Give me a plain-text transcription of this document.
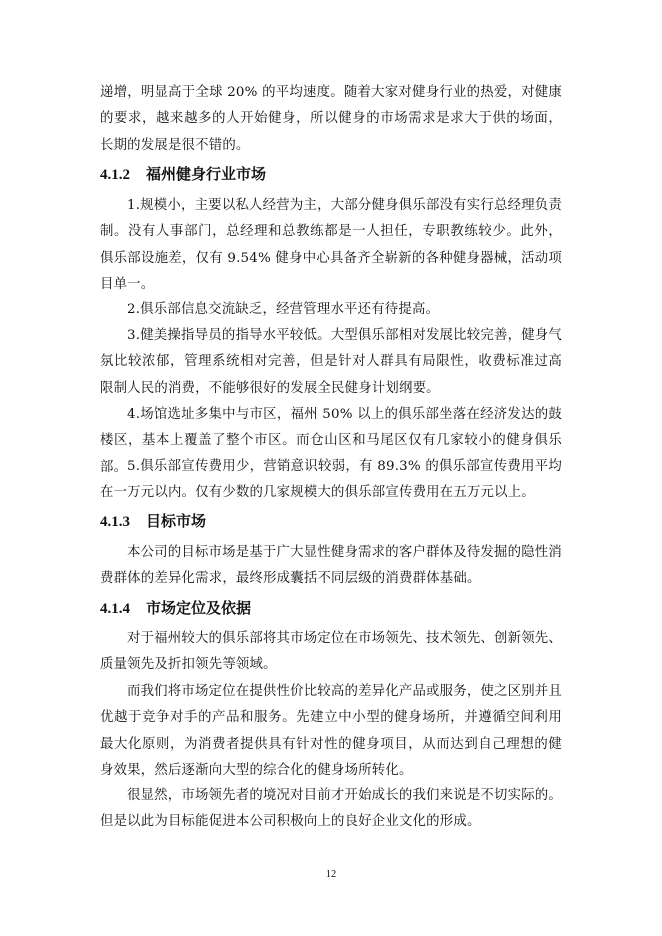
递增，明显高于全球 20% 的平均速度。随着大家对健身行业的热爱，对健康的要求，越来越多的人开始健身，所以健身的市场需求是求大于供的场面，长期的发展是很不错的。

4.1.2 福州健身行业市场

1.规模小，主要以私人经营为主，大部分健身俱乐部没有实行总经理负责制。没有人事部门，总经理和总教练都是一人担任，专职教练较少。此外，俱乐部设施差，仅有 9.54% 健身中心具备齐全崭新的各种健身器械，活动项目单一。

2.俱乐部信息交流缺乏，经营管理水平还有待提高。

3.健美操指导员的指导水平较低。大型俱乐部相对发展比较完善，健身气氛比较浓郁，管理系统相对完善，但是针对人群具有局限性，收费标准过高限制人民的消费，不能够很好的发展全民健身计划纲要。

4.场馆选址多集中与市区，福州 50% 以上的俱乐部坐落在经济发达的鼓楼区，基本上覆盖了整个市区。而仓山区和马尾区仅有几家较小的健身俱乐部。 5.俱乐部宣传费用少，营销意识较弱，有 89.3% 的俱乐部宣传费用平均在一万元以内。仅有少数的几家规模大的俱乐部宣传费用在五万元以上。

4.1.3 目标市场

本公司的目标市场是基于广大显性健身需求的客户群体及待发掘的隐性消费群体的差异化需求，最终形成囊括不同层级的消费群体基础。

4.1.4 市场定位及依据

对于福州较大的俱乐部将其市场定位在市场领先、技术领先、创新领先、质量领先及折扣领先等领域。

而我们将市场定位在提供性价比较高的差异化产品或服务，使之区别并且优越于竞争对手的产品和服务。先建立中小型的健身场所，并遵循空间利用最大化原则，为消费者提供具有针对性的健身项目，从而达到自己理想的健身效果，然后逐渐向大型的综合化的健身场所转化。

很显然，市场领先者的境况对目前才开始成长的我们来说是不切实际的。但是以此为目标能促进本公司积极向上的良好企业文化的形成。

12
